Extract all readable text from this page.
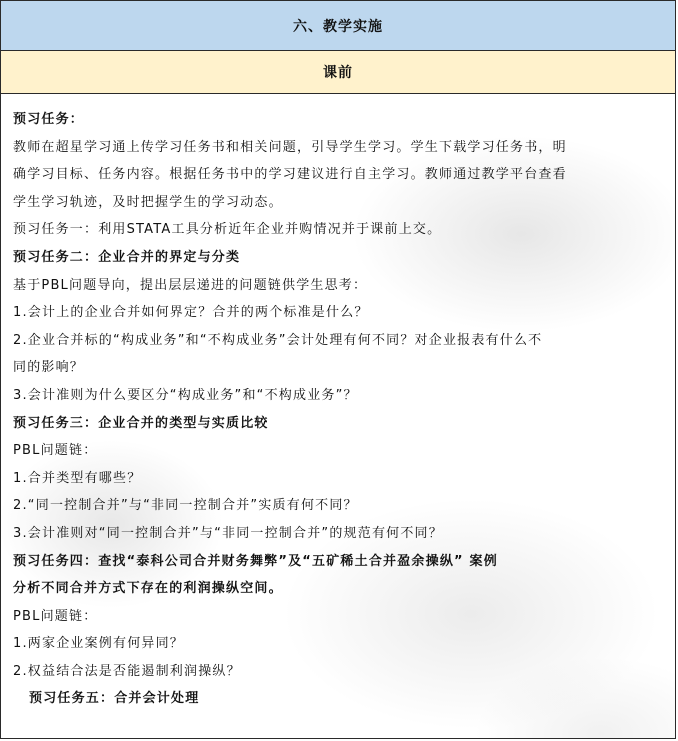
六、教学实施
课前
预习任务：
教师在超星学习通上传学习任务书和相关问题，引导学生学习。学生下载学习任务书，明
确学习目标、任务内容。根据任务书中的学习建议进行自主学习。教师通过教学平台查看
学生学习轨迹，及时把握学生的学习动态。
预习任务一：利用STATA工具分析近年企业并购情况并于课前上交。
预习任务二：企业合并的界定与分类
基于PBL问题导向，提出层层递进的问题链供学生思考：
1.会计上的企业合并如何界定？合并的两个标准是什么？
2.企业合并标的“构成业务”和“不构成业务”会计处理有何不同？对企业报表有什么不
同的影响？
3.会计准则为什么要区分“构成业务”和“不构成业务”？
预习任务三：企业合并的类型与实质比较
PBL问题链：
1.合并类型有哪些？
2.“同一控制合并”与“非同一控制合并”实质有何不同？
3.会计准则对“同一控制合并”与“非同一控制合并”的规范有何不同？
预习任务四：查找“泰科公司合并财务舞弊”及“五矿稀土合并盈余操纵” 案例
分析不同合并方式下存在的利润操纵空间。
PBL问题链：
1.两家企业案例有何异同？
2.权益结合法是否能遏制利润操纵？
预习任务五：合并会计处理
